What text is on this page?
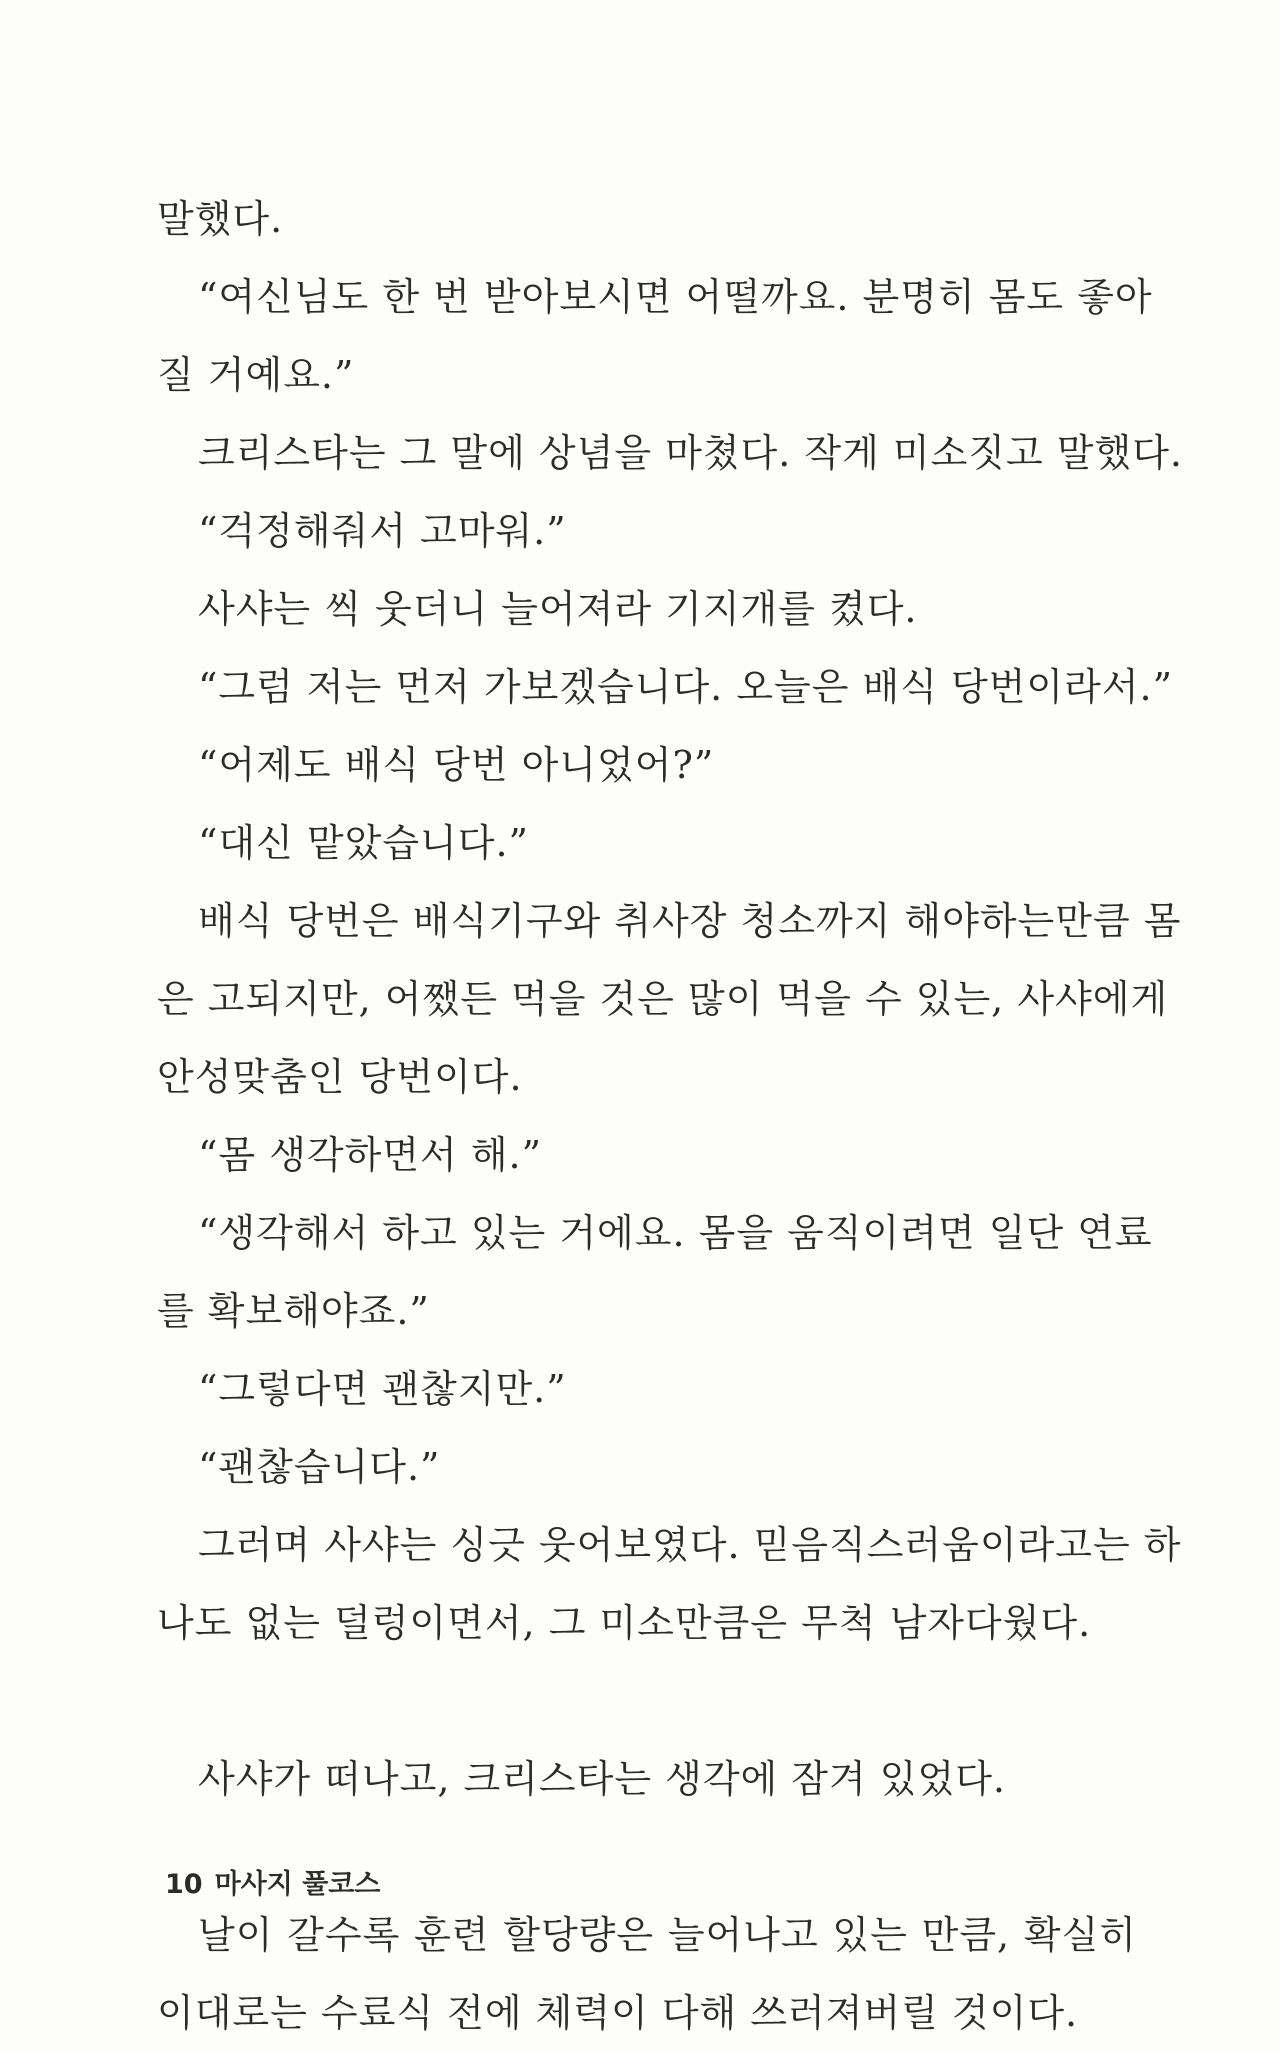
말했다.
“여신님도 한 번 받아보시면 어떨까요. 분명히 몸도 좋아
질 거예요.”
크리스타는 그 말에 상념을 마쳤다. 작게 미소짓고 말했다.
“걱정해줘서 고마워.”
사샤는 씩 웃더니 늘어져라 기지개를 켰다.
“그럼 저는 먼저 가보겠습니다. 오늘은 배식 당번이라서.”
“어제도 배식 당번 아니었어?”
“대신 맡았습니다.”
배식 당번은 배식기구와 취사장 청소까지 해야하는만큼 몸
은 고되지만, 어쨌든 먹을 것은 많이 먹을 수 있는, 사샤에게
안성맞춤인 당번이다.
“몸 생각하면서 해.”
“생각해서 하고 있는 거에요. 몸을 움직이려면 일단 연료
를 확보해야죠.”
“그렇다면 괜찮지만.”
“괜찮습니다.”
그러며 사샤는 싱긋 웃어보였다. 믿음직스러움이라고는 하
나도 없는 덜렁이면서, 그 미소만큼은 무척 남자다웠다.
사샤가 떠나고, 크리스타는 생각에 잠겨 있었다.
날이 갈수록 훈련 할당량은 늘어나고 있는 만큼, 확실히
이대로는 수료식 전에 체력이 다해 쓰러져버릴 것이다.
10 마사지 풀코스
